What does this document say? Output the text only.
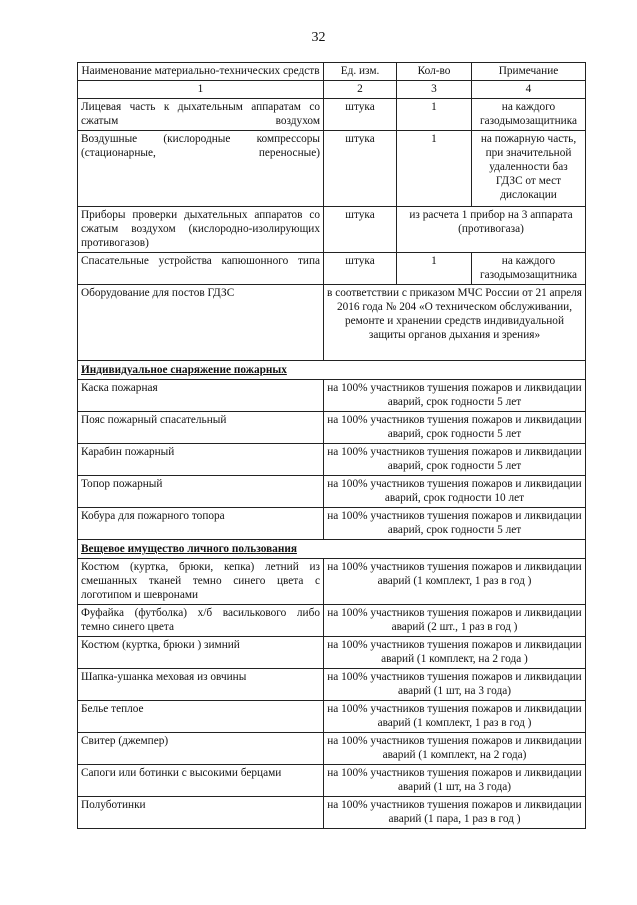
32
Наименование материально-технических средств	Ед. изм.	Кол-во	Примечание
1	2	3	4
Лицевая часть к дыхательным аппаратам со сжатым воздухом	штука	1	на каждого газодымозащитника
Воздушные (кислородные компрессоры (стационарные, переносные)	штука	1	на пожарную часть, при значительной удаленности баз ГДЗС от мест дислокации
Приборы проверки дыхательных аппаратов со сжатым воздухом (кислородно-изолирующих противогазов)	штука	из расчета 1 прибор на 3 аппарата (противогаза)	
Спасательные устройства капюшонного типа	штука	1	на каждого газодымозащитника
Оборудование для постов ГДЗС	в соответствии с приказом МЧС России от 21 апреля 2016 года № 204 «О техническом обслуживании, ремонте и хранении средств индивидуальной защиты органов дыхания и зрения»		
Индивидуальное снаряжение пожарных			
Каска пожарная	на 100% участников тушения пожаров и ликвидации аварий, срок годности 5 лет		
Пояс пожарный спасательный	на 100% участников тушения пожаров и ликвидации аварий, срок годности 5 лет		
Карабин пожарный	на 100% участников тушения пожаров и ликвидации аварий, срок годности 5 лет		
Топор пожарный	на 100% участников тушения пожаров и ликвидации аварий, срок годности 10 лет		
Кобура для пожарного топора	на 100% участников тушения пожаров и ликвидации аварий, срок годности 5 лет		
Вещевое имущество личного пользования			
Костюм (куртка, брюки, кепка) летний из смешанных тканей темно синего цвета с логотипом и шевронами	на 100% участников тушения пожаров и ликвидации аварий (1 комплект, 1 раз в год )		
Фуфайка (футболка) х/б василькового либо темно синего цвета	на 100% участников тушения пожаров и ликвидации аварий (2 шт., 1 раз в год )		
Костюм (куртка, брюки ) зимний	на 100% участников тушения пожаров и ликвидации аварий (1 комплект, на 2 года )		
Шапка-ушанка меховая из овчины	на 100% участников тушения пожаров и ликвидации аварий (1 шт, на 3 года)		
Белье теплое	на 100% участников тушения пожаров и ликвидации аварий (1 комплект, 1 раз в год )		
Свитер (джемпер)	на 100% участников тушения пожаров и ликвидации аварий (1 комплект, на 2 года)		
Сапоги или ботинки с высокими берцами	на 100% участников тушения пожаров и ликвидации аварий (1 шт, на 3 года)		
Полуботинки	на 100% участников тушения пожаров и ликвидации аварий (1 пара, 1 раз в год )		
